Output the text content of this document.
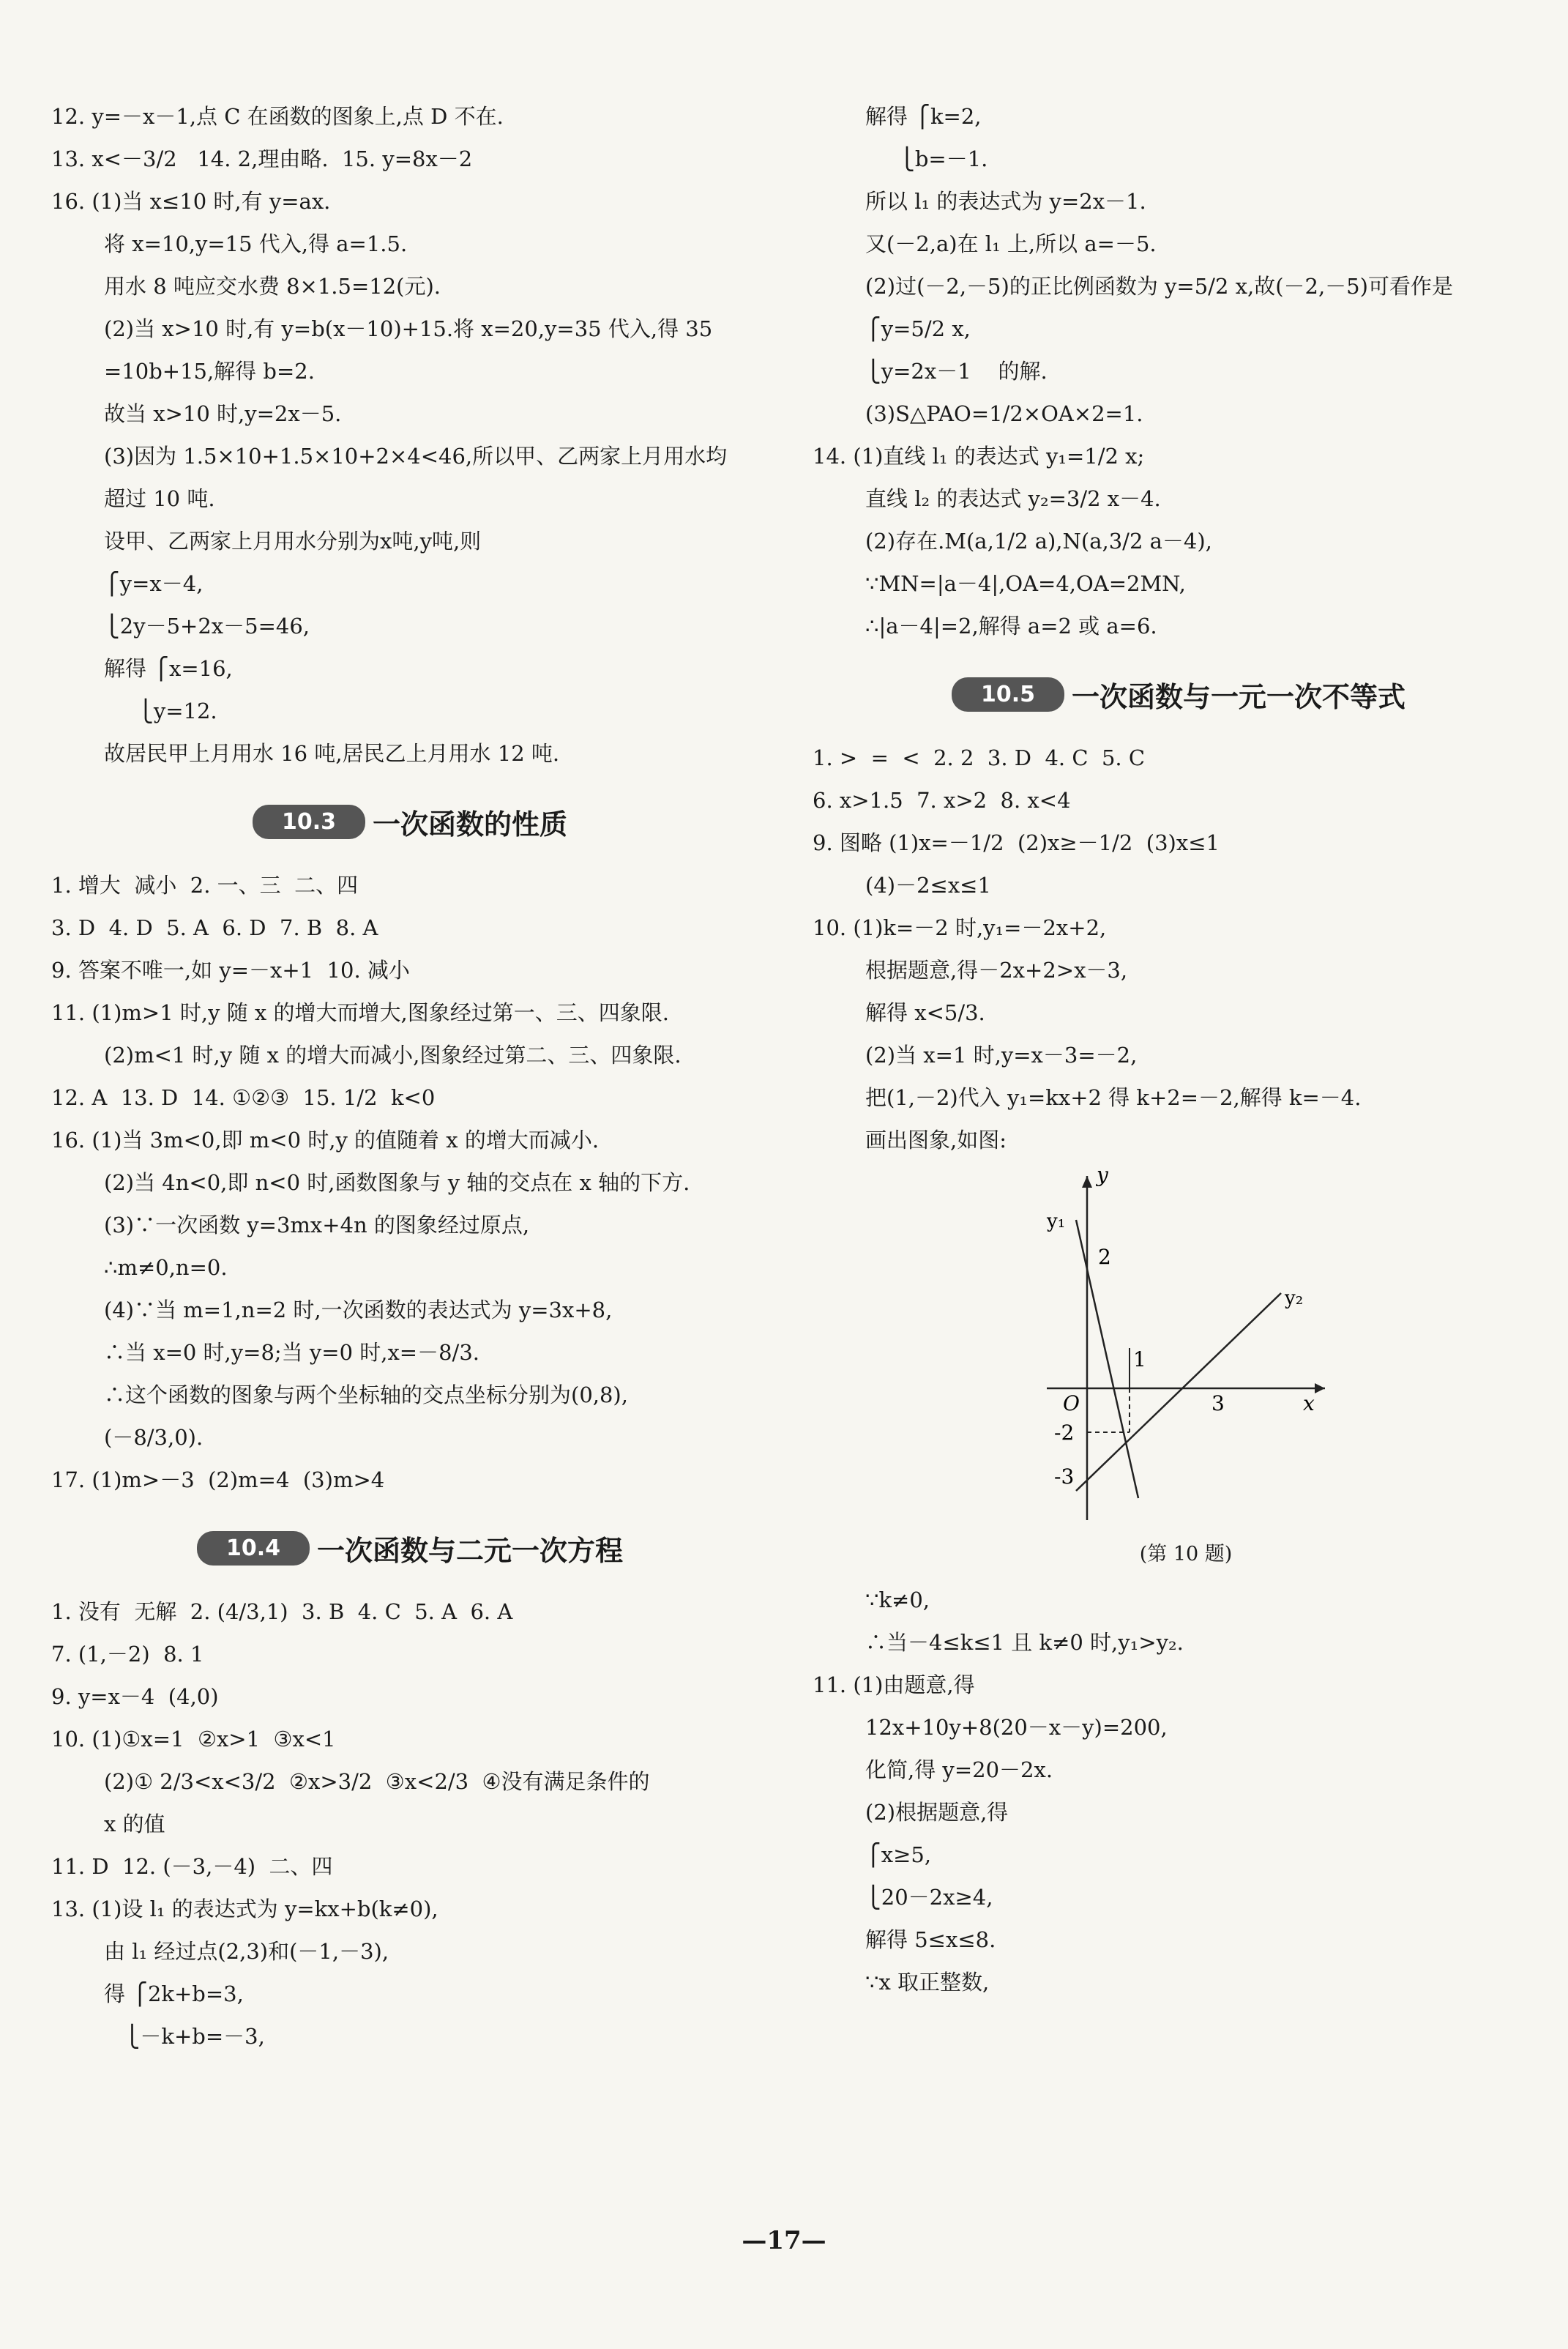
12. y=－x－1,点 C 在函数的图象上,点 D 不在.
13. x<－3/2   14. 2,理由略.  15. y=8x－2
16. (1)当 x≤10 时,有 y=ax.
将 x=10,y=15 代入,得 a=1.5.
用水 8 吨应交水费 8×1.5=12(元).
(2)当 x>10 时,有 y=b(x－10)+15.将 x=20,y=35 代入,得 35
=10b+15,解得 b=2.
故当 x>10 时,y=2x－5.
(3)因为 1.5×10+1.5×10+2×4<46,所以甲、乙两家上月用水均
超过 10 吨.
设甲、乙两家上月用水分别为x吨,y吨,则
⎧y=x－4,
⎩2y－5+2x－5=46,
解得 ⎧x=16,
⎩y=12.
故居民甲上月用水 16 吨,居民乙上月用水 12 吨.
10.3	一次函数的性质
1. 增大  减小  2. 一、三  二、四
3. D  4. D  5. A  6. D  7. B  8. A
9. 答案不唯一,如 y=－x+1  10. 减小
11. (1)m>1 时,y 随 x 的增大而增大,图象经过第一、三、四象限.
(2)m<1 时,y 随 x 的增大而减小,图象经过第二、三、四象限.
12. A  13. D  14. ①②③  15. 1/2  k<0
16. (1)当 3m<0,即 m<0 时,y 的值随着 x 的增大而减小.
(2)当 4n<0,即 n<0 时,函数图象与 y 轴的交点在 x 轴的下方.
(3)∵一次函数 y=3mx+4n 的图象经过原点,
∴m≠0,n=0.
(4)∵当 m=1,n=2 时,一次函数的表达式为 y=3x+8,
∴当 x=0 时,y=8;当 y=0 时,x=－8/3.
∴这个函数的图象与两个坐标轴的交点坐标分别为(0,8),
(－8/3,0).
17. (1)m>－3  (2)m=4  (3)m>4
10.4	一次函数与二元一次方程
1. 没有  无解  2. (4/3,1)  3. B  4. C  5. A  6. A
7. (1,－2)  8. 1
9. y=x－4  (4,0)
10. (1)①x=1  ②x>1  ③x<1
(2)① 2/3<x<3/2  ②x>3/2  ③x<2/3  ④没有满足条件的
x 的值
11. D  12. (－3,－4)  二、四
13. (1)设 l₁ 的表达式为 y=kx+b(k≠0),
由 l₁ 经过点(2,3)和(－1,－3),
得 ⎧2k+b=3,
⎩－k+b=－3,
解得 ⎧k=2,
⎩b=－1.
所以 l₁ 的表达式为 y=2x－1.
又(－2,a)在 l₁ 上,所以 a=－5.
(2)过(－2,－5)的正比例函数为 y=5/2 x,故(－2,－5)可看作是
⎧y=5/2 x,
⎩y=2x－1    的解.
(3)S△PAO=1/2×OA×2=1.
14. (1)直线 l₁ 的表达式 y₁=1/2 x;
直线 l₂ 的表达式 y₂=3/2 x－4.
(2)存在.M(a,1/2 a),N(a,3/2 a－4),
∵MN=|a－4|,OA=4,OA=2MN,
∴|a－4|=2,解得 a=2 或 a=6.
10.5	一次函数与一元一次不等式
1. >  =  <  2. 2  3. D  4. C  5. C
6. x>1.5  7. x>2  8. x<4
9. 图略 (1)x=－1/2  (2)x≥－1/2  (3)x≤1
(4)－2≤x≤1
10. (1)k=－2 时,y₁=－2x+2,
根据题意,得－2x+2>x－3,
解得 x<5/3.
(2)当 x=1 时,y=x－3=－2,
把(1,－2)代入 y₁=kx+2 得 k+2=－2,解得 k=－4.
画出图象,如图:
y
x
O
y₁
y₂
2
1
3
-2
-3
(第 10 题)
∵k≠0,
∴当－4≤k≤1 且 k≠0 时,y₁>y₂.
11. (1)由题意,得
12x+10y+8(20－x－y)=200,
化简,得 y=20－2x.
(2)根据题意,得
⎧x≥5,
⎩20－2x≥4,
解得 5≤x≤8.
∵x 取正整数,
—17—
